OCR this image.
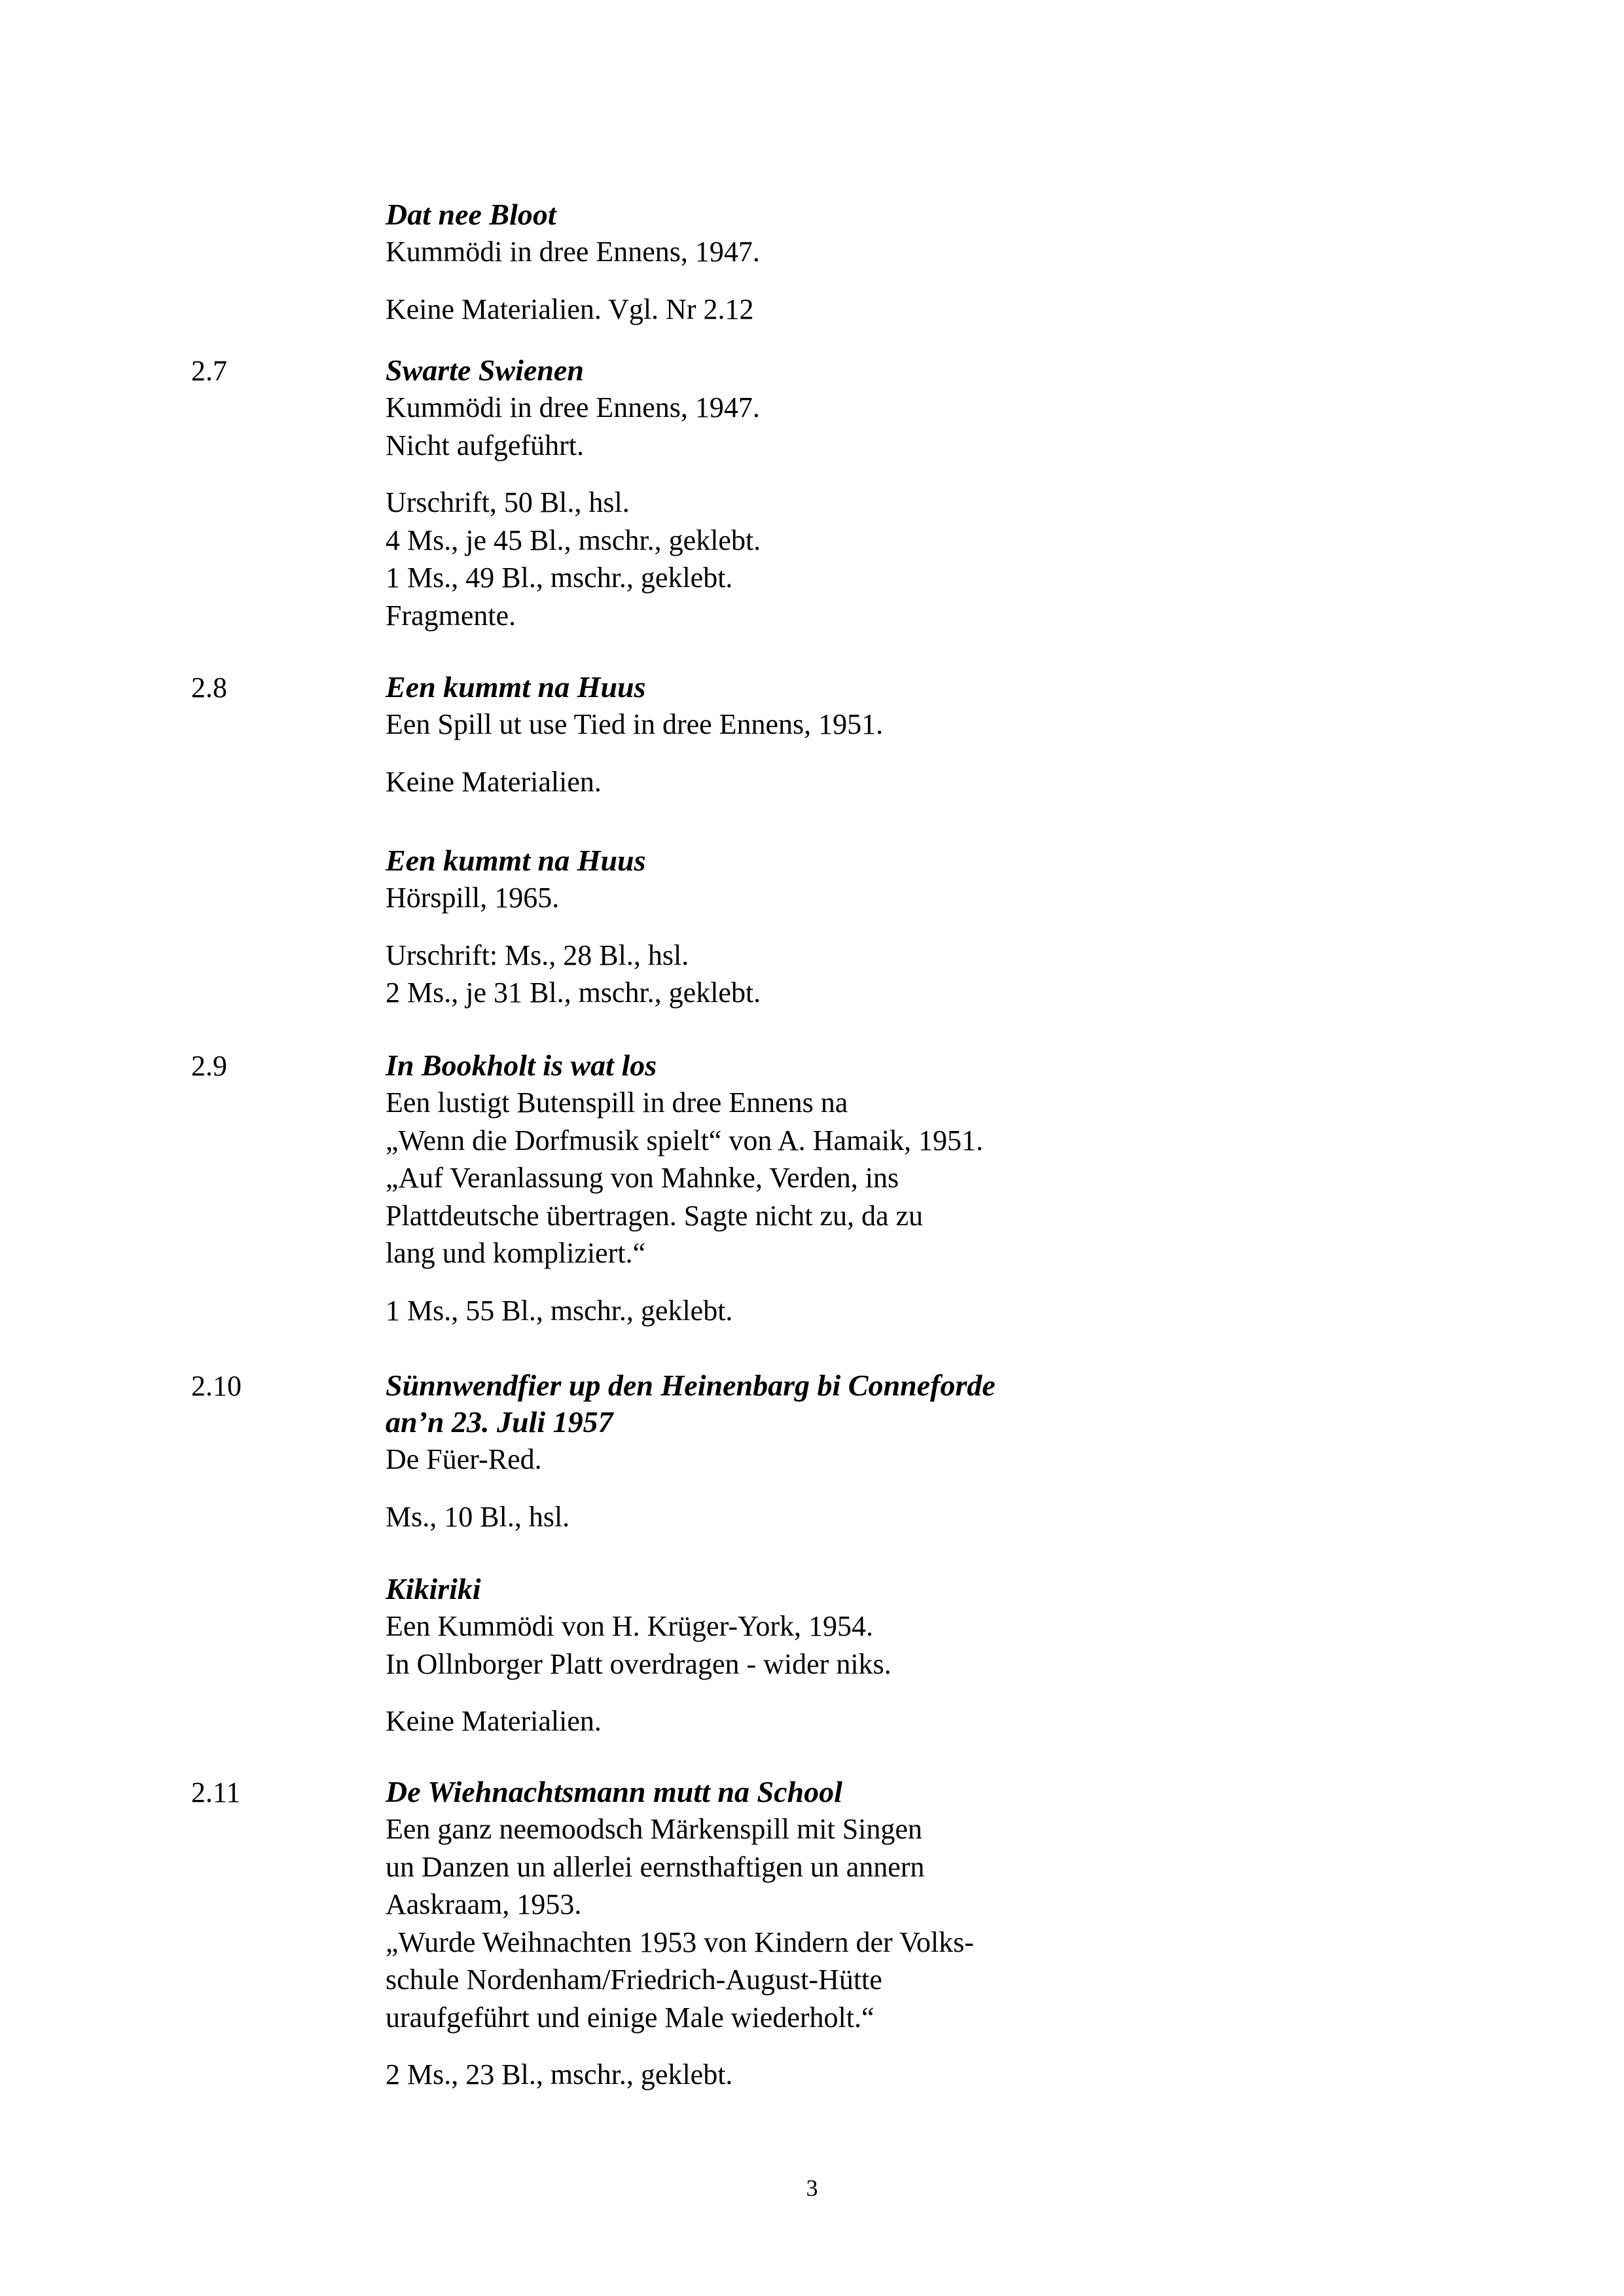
Dat nee Bloot
Kummödi in dree Ennens, 1947.
Keine Materialien. Vgl. Nr 2.12
2.7	Swarte Swienen
Kummödi in dree Ennens, 1947.
Nicht aufgeführt.
Urschrift, 50 Bl., hsl.
4 Ms., je 45 Bl., mschr., geklebt.
1 Ms., 49 Bl., mschr., geklebt.
Fragmente.
2.8	Een kummt na Huus
Een Spill ut use Tied in dree Ennens, 1951.
Keine Materialien.
Een kummt na Huus
Hörspill, 1965.
Urschrift: Ms., 28 Bl., hsl.
2 Ms., je 31 Bl., mschr., geklebt.
2.9	In Bookholt is wat los
Een lustigt Butenspill in dree Ennens na
„Wenn die Dorfmusik spielt“ von A. Hamaik, 1951.
„Auf Veranlassung von Mahnke, Verden, ins
Plattdeutsche übertragen. Sagte nicht zu, da zu
lang und kompliziert.“
1 Ms., 55 Bl., mschr., geklebt.
2.10	Sünnwendfier up den Heinenbarg bi Conneforde
an’n 23. Juli 1957
De Füer-Red.
Ms., 10 Bl., hsl.
Kikiriki
Een Kummödi von H. Krüger-York, 1954.
In Ollnborger Platt overdragen - wider niks.
Keine Materialien.
2.11	De Wiehnachtsmann mutt na School
Een ganz neemoodsch Märkenspill mit Singen
un Danzen un allerlei eernsthaftigen un annern
Aaskraam, 1953.
„Wurde Weihnachten 1953 von Kindern der Volks-
schule Nordenham/Friedrich-August-Hütte
uraufgeführt und einige Male wiederholt.“
2 Ms., 23 Bl., mschr., geklebt.
3
